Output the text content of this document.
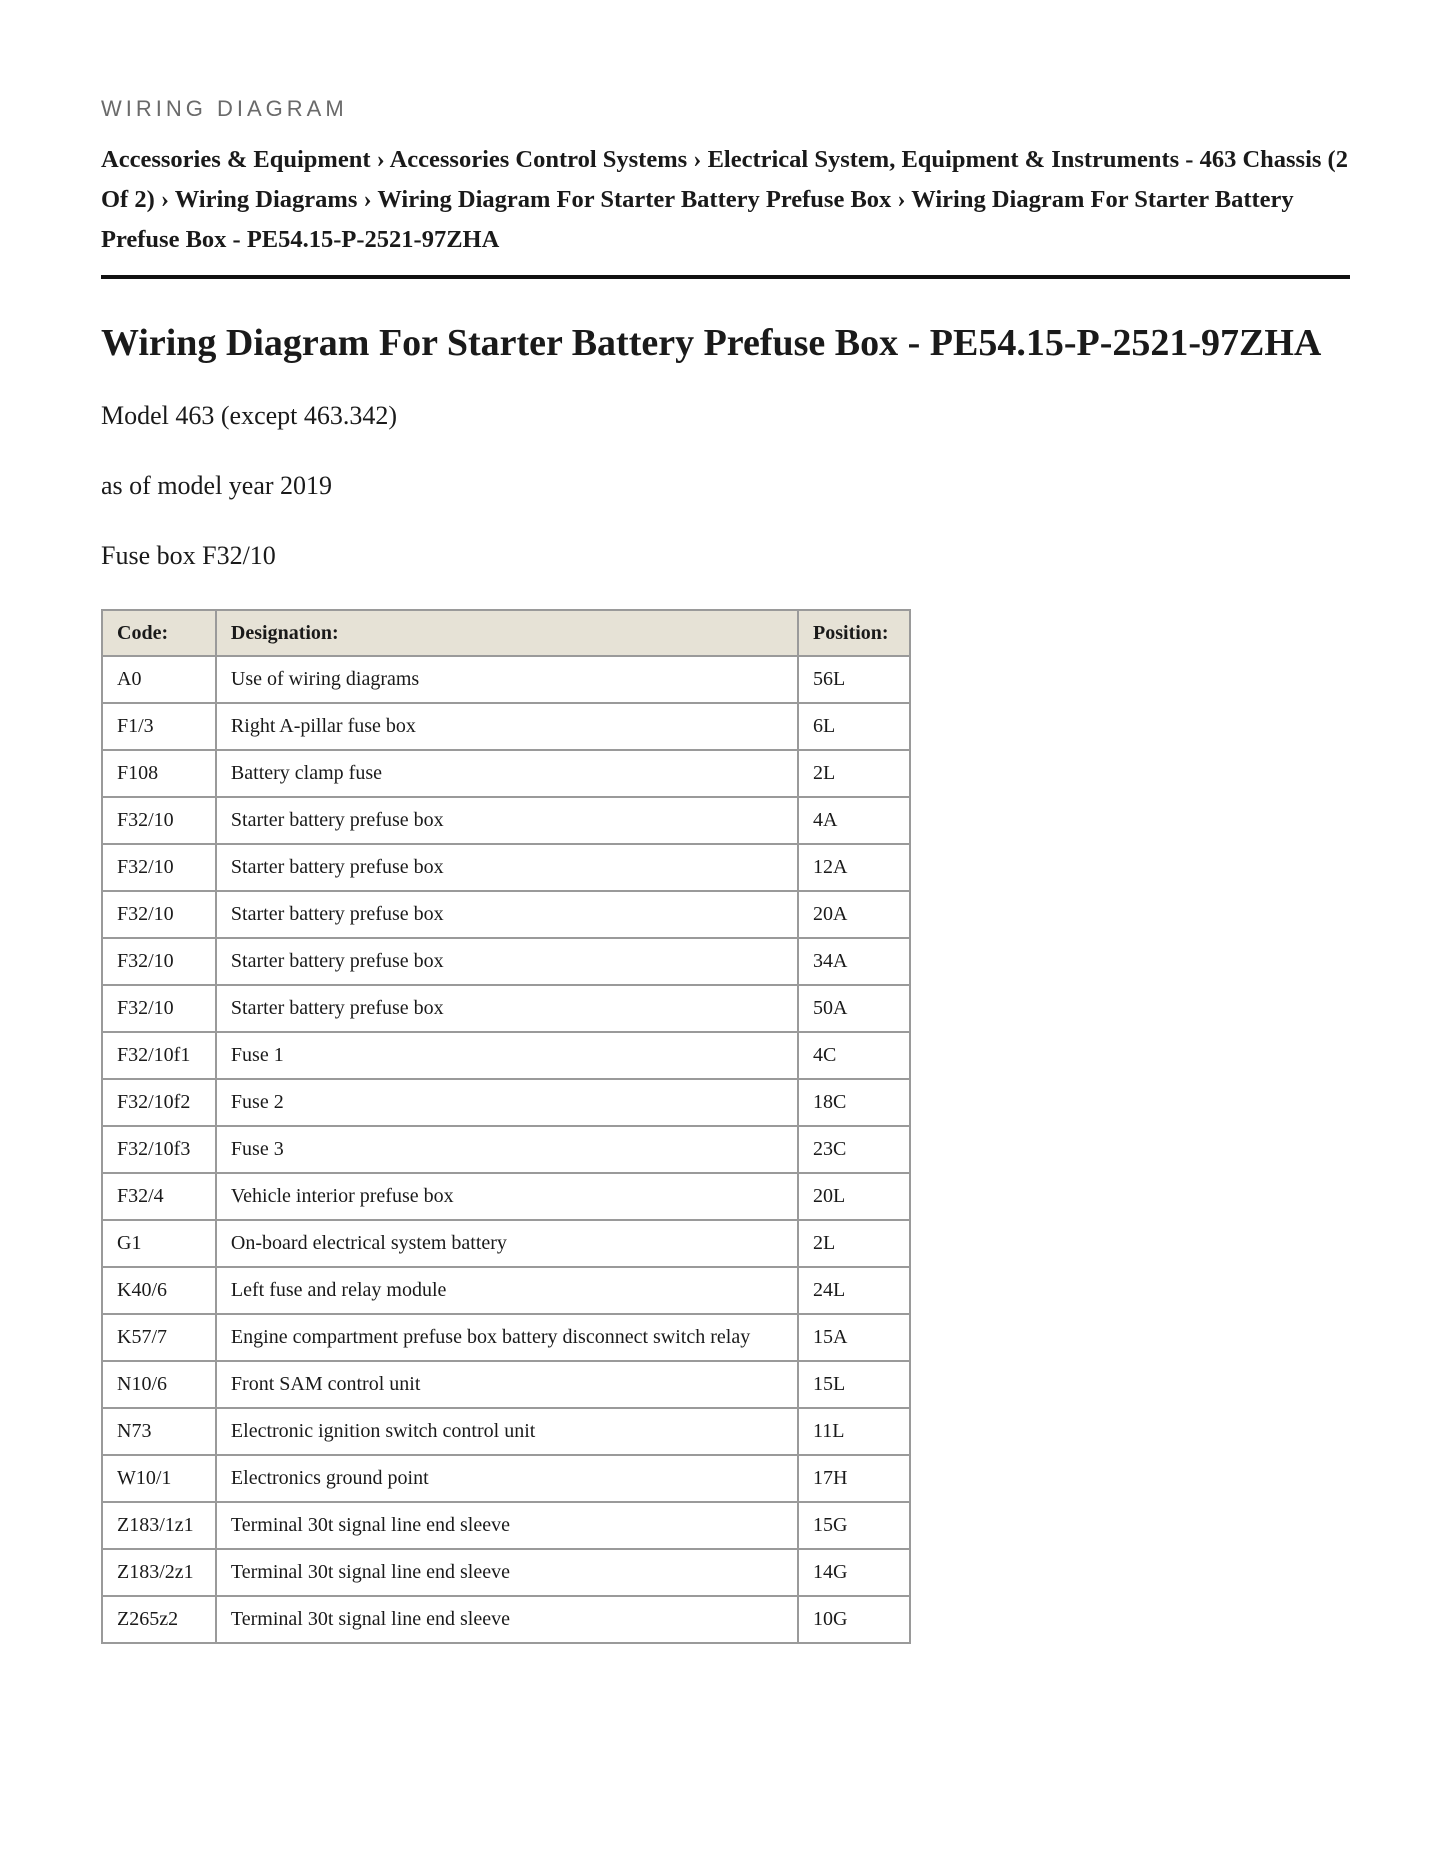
WIRING DIAGRAM
Accessories & Equipment › Accessories Control Systems › Electrical System, Equipment & Instruments - 463 Chassis (2 Of 2) › Wiring Diagrams › Wiring Diagram For Starter Battery Prefuse Box › Wiring Diagram For Starter Battery Prefuse Box - PE54.15-P-2521-97ZHA
Wiring Diagram For Starter Battery Prefuse Box - PE54.15-P-2521-97ZHA

Model 463 (except 463.342)

as of model year 2019

Fuse box F32/10

Code:	Designation:	Position:
A0	Use of wiring diagrams	56L
F1/3	Right A-pillar fuse box	6L
F108	Battery clamp fuse	2L
F32/10	Starter battery prefuse box	4A
F32/10	Starter battery prefuse box	12A
F32/10	Starter battery prefuse box	20A
F32/10	Starter battery prefuse box	34A
F32/10	Starter battery prefuse box	50A
F32/10f1	Fuse 1	4C
F32/10f2	Fuse 2	18C
F32/10f3	Fuse 3	23C
F32/4	Vehicle interior prefuse box	20L
G1	On-board electrical system battery	2L
K40/6	Left fuse and relay module	24L
K57/7	Engine compartment prefuse box battery disconnect switch relay	15A
N10/6	Front SAM control unit	15L
N73	Electronic ignition switch control unit	11L
W10/1	Electronics ground point	17H
Z183/1z1	Terminal 30t signal line end sleeve	15G
Z183/2z1	Terminal 30t signal line end sleeve	14G
Z265z2	Terminal 30t signal line end sleeve	10G
